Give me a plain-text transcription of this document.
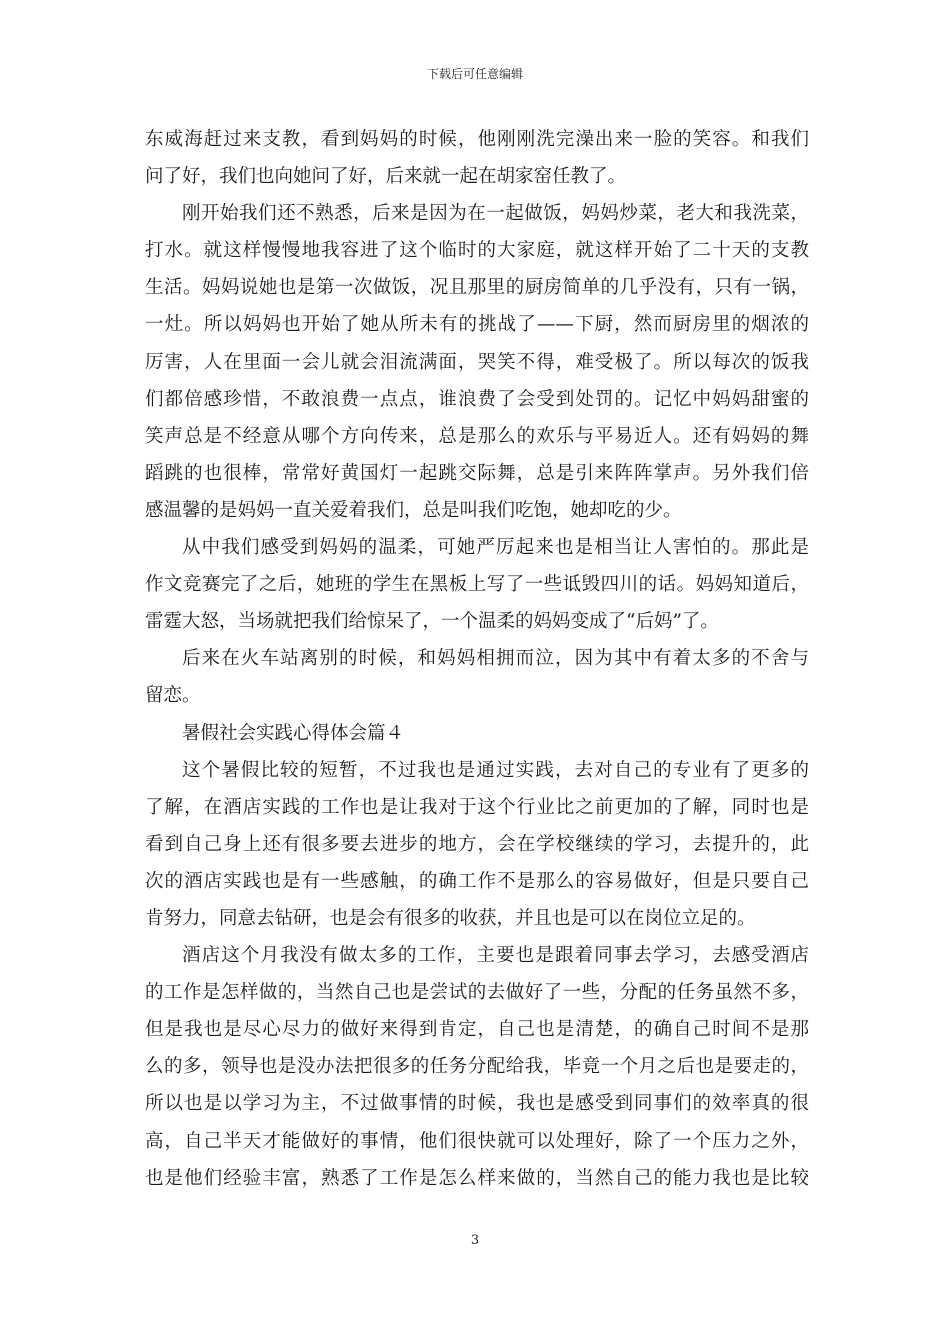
下载后可任意编辑
东威海赶过来支教，看到妈妈的时候，他刚刚洗完澡出来一脸的笑容。和我们
问了好，我们也向她问了好，后来就一起在胡家窑任教了。
刚开始我们还不熟悉，后来是因为在一起做饭，妈妈炒菜，老大和我洗菜，
打水。就这样慢慢地我容进了这个临时的大家庭，就这样开始了二十天的支教
生活。妈妈说她也是第一次做饭，况且那里的厨房简单的几乎没有，只有一锅，
一灶。所以妈妈也开始了她从所未有的挑战了——下厨，然而厨房里的烟浓的
厉害，人在里面一会儿就会泪流满面，哭笑不得，难受极了。所以每次的饭我
们都倍感珍惜，不敢浪费一点点，谁浪费了会受到处罚的。记忆中妈妈甜蜜的
笑声总是不经意从哪个方向传来，总是那么的欢乐与平易近人。还有妈妈的舞
蹈跳的也很棒，常常好黄国灯一起跳交际舞，总是引来阵阵掌声。另外我们倍
感温馨的是妈妈一直关爱着我们，总是叫我们吃饱，她却吃的少。
从中我们感受到妈妈的温柔，可她严厉起来也是相当让人害怕的。那此是
作文竞赛完了之后，她班的学生在黑板上写了一些诋毁四川的话。妈妈知道后，
雷霆大怒，当场就把我们给惊呆了，一个温柔的妈妈变成了“后妈”了。
后来在火车站离别的时候，和妈妈相拥而泣，因为其中有着太多的不舍与
留恋。
暑假社会实践心得体会篇４
这个暑假比较的短暂，不过我也是通过实践，去对自己的专业有了更多的
了解，在酒店实践的工作也是让我对于这个行业比之前更加的了解，同时也是
看到自己身上还有很多要去进步的地方，会在学校继续的学习，去提升的，此
次的酒店实践也是有一些感触，的确工作不是那么的容易做好，但是只要自己
肯努力，同意去钻研，也是会有很多的收获，并且也是可以在岗位立足的。
酒店这个月我没有做太多的工作，主要也是跟着同事去学习，去感受酒店
的工作是怎样做的，当然自己也是尝试的去做好了一些，分配的任务虽然不多，
但是我也是尽心尽力的做好来得到肯定，自己也是清楚，的确自己时间不是那
么的多，领导也是没办法把很多的任务分配给我，毕竟一个月之后也是要走的，
所以也是以学习为主，不过做事情的时候，我也是感受到同事们的效率真的很
高，自己半天才能做好的事情，他们很快就可以处理好，除了一个压力之外，
也是他们经验丰富，熟悉了工作是怎么样来做的，当然自己的能力我也是比较
3
